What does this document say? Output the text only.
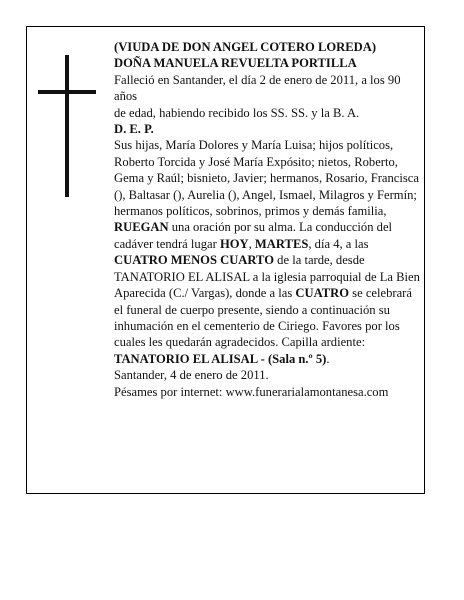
(VIUDA DE DON ANGEL COTERO LOREDA)

DOÑA MANUELA REVUELTA PORTILLA

Falleció en Santander, el día 2 de enero de 2011, a los 90 años

de edad, habiendo recibido los SS. SS. y la B. A.

D. E. P.

Sus hijas, María Dolores y María Luisa; hijos políticos, Roberto Torcida y José María Expósito; nietos, Roberto, Gema y Raúl; bisnieto, Javier; hermanos, Rosario, Francisca (), Baltasar (), Aurelia (), Angel, Ismael, Milagros y Fermín; hermanos políticos, sobrinos, primos y demás familia,

RUEGAN una oración por su alma. La conducción del cadáver tendrá lugar HOY, MARTES, día 4, a las CUATRO MENOS CUARTO de la tarde, desde TANATORIO EL ALISAL a la iglesia parroquial de La Bien Aparecida (C./ Vargas), donde a las CUATRO se celebrará el funeral de cuerpo presente, siendo a continuación su inhumación en el cementerio de Ciriego. Favores por los cuales les quedarán agradecidos. Capilla ardiente: TANATORIO EL ALISAL - (Sala n.º 5).

Santander, 4 de enero de 2011.

Pésames por internet: www.funerarialamontanesa.com
